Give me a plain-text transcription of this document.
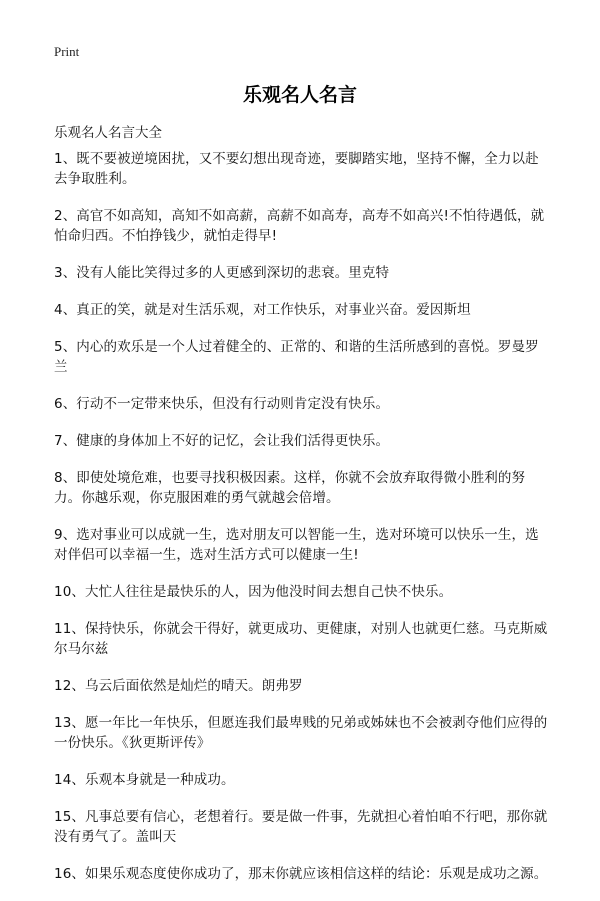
Print
乐观名人名言
乐观名人名言大全

1、既不要被逆境困扰，又不要幻想出现奇迹，要脚踏实地，坚持不懈，全力以赴去争取胜利。

2、高官不如高知，高知不如高薪，高薪不如高寿，高寿不如高兴!不怕待遇低，就怕命归西。不怕挣钱少，就怕走得早!

3、没有人能比笑得过多的人更感到深切的悲衰。里克特

4、真正的笑，就是对生活乐观，对工作快乐，对事业兴奋。爱因斯坦

5、内心的欢乐是一个人过着健全的、正常的、和谐的生活所感到的喜悦。罗曼罗兰

6、行动不一定带来快乐，但没有行动则肯定没有快乐。

7、健康的身体加上不好的记忆，会让我们活得更快乐。

8、即使处境危难，也要寻找积极因素。这样，你就不会放弃取得微小胜利的努力。你越乐观，你克服困难的勇气就越会倍增。

9、选对事业可以成就一生，选对朋友可以智能一生，选对环境可以快乐一生，选对伴侣可以幸福一生，选对生活方式可以健康一生!

10、大忙人往往是最快乐的人，因为他没时间去想自己快不快乐。

11、保持快乐，你就会干得好，就更成功、更健康，对别人也就更仁慈。马克斯威尔马尔兹

12、乌云后面依然是灿烂的晴天。朗弗罗

13、愿一年比一年快乐，但愿连我们最卑贱的兄弟或姊妹也不会被剥夺他们应得的一份快乐。《狄更斯评传》

14、乐观本身就是一种成功。

15、凡事总要有信心，老想着行。要是做一件事，先就担心着怕咱不行吧，那你就没有勇气了。盖叫天

16、如果乐观态度使你成功了，那末你就应该相信这样的结论：乐观是成功之源。
